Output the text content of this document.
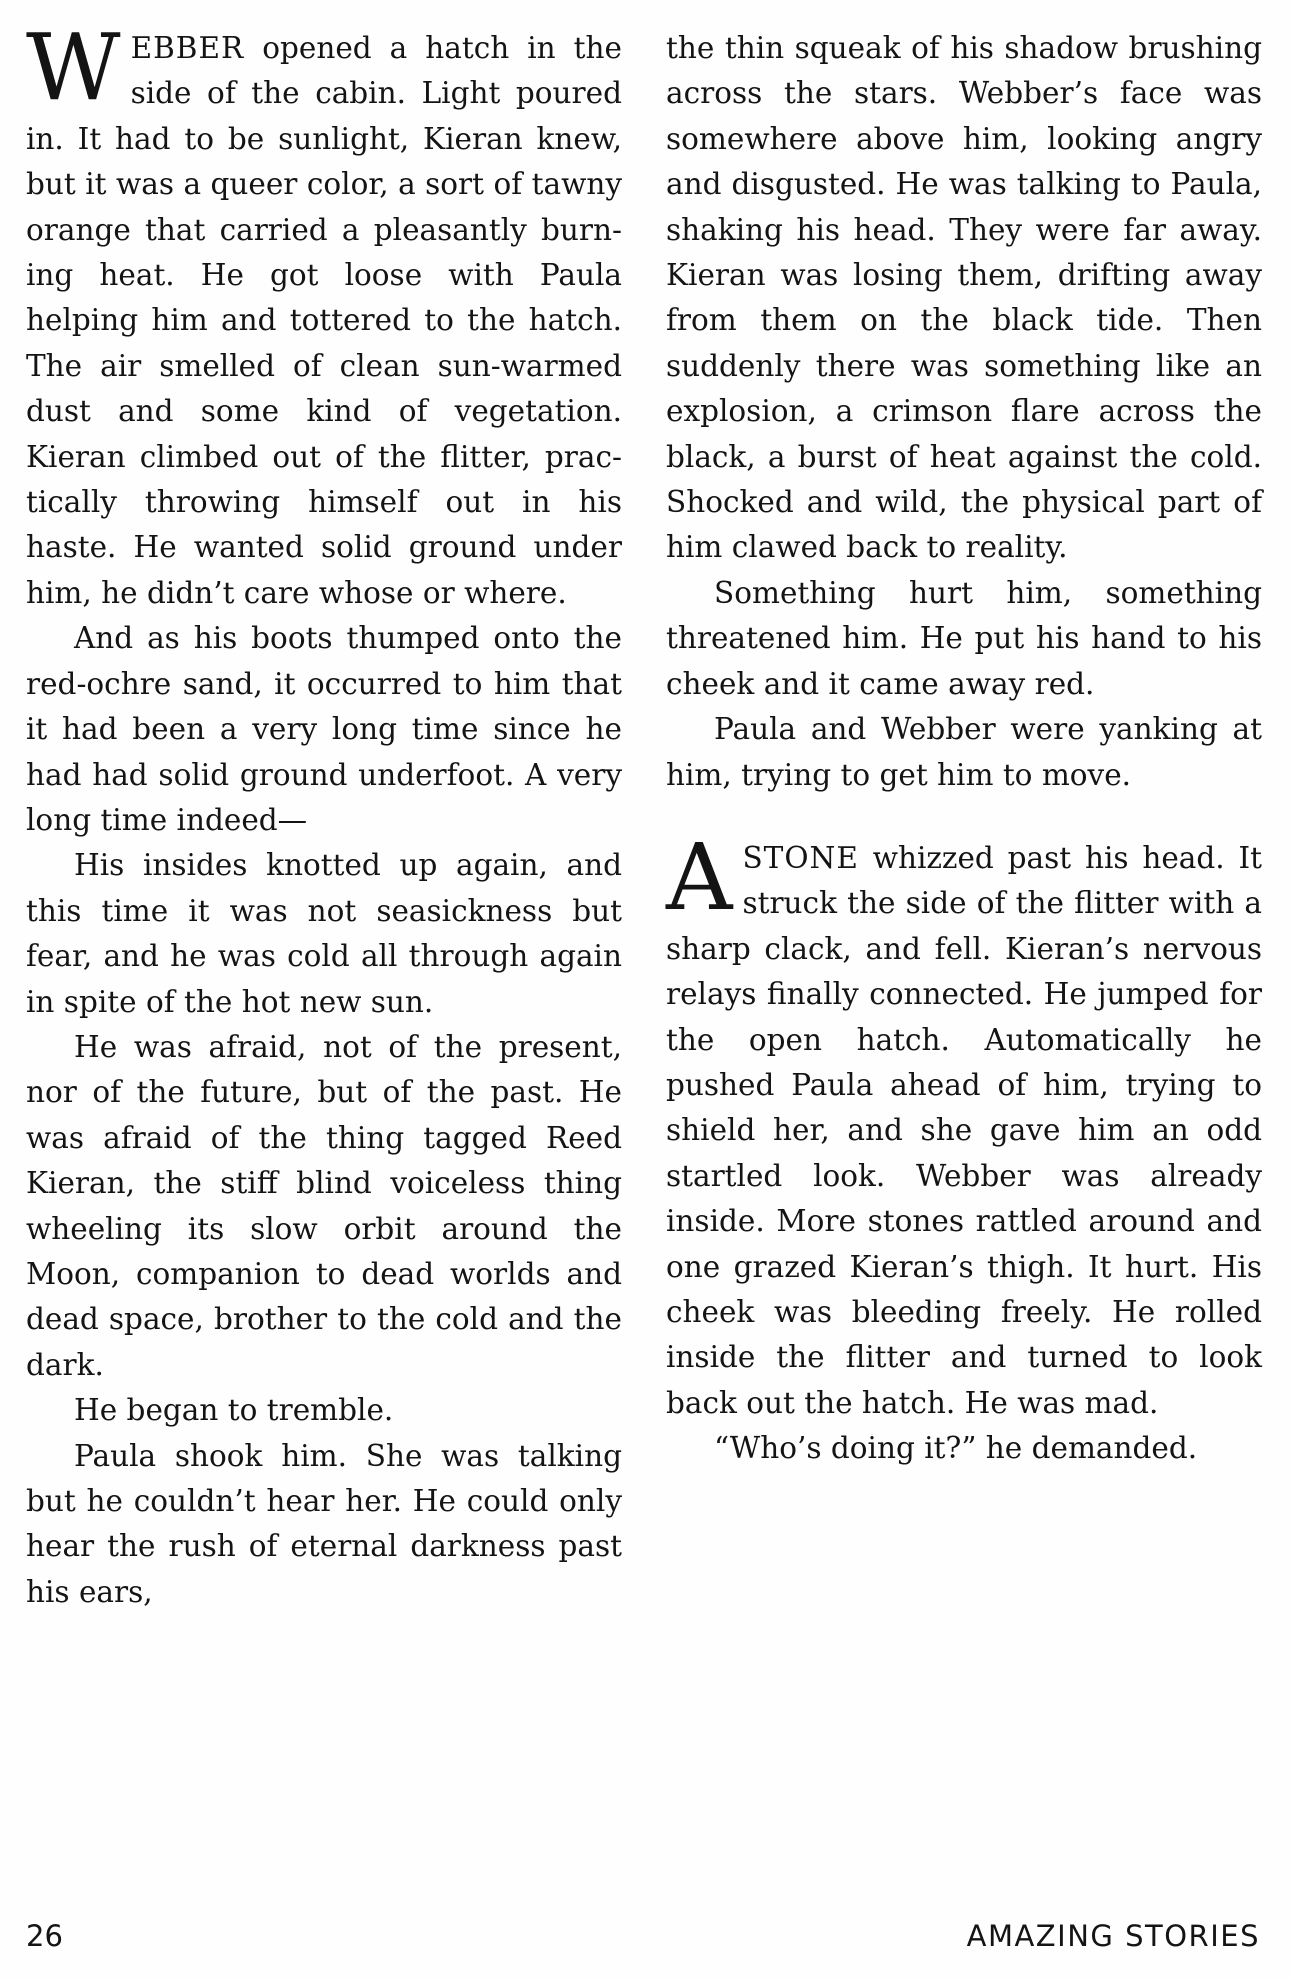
WEBBER opened a hatch in the side of the cabin. Light poured in. It had to be sunlight, Kieran knew, but it was a queer color, a sort of tawny orange that carried a pleasantly burning heat. He got loose with Paula helping him and tottered to the hatch. The air smelled of clean sun-warmed dust and some kind of vegetation. Kieran climbed out of the flitter, practically throwing himself out in his haste. He wanted solid ground under him, he didn’t care whose or where.

And as his boots thumped onto the red-ochre sand, it occurred to him that it had been a very long time since he had had solid ground underfoot. A very long time indeed—

His insides knotted up again, and this time it was not seasickness but fear, and he was cold all through again in spite of the hot new sun.

He was afraid, not of the present, nor of the future, but of the past. He was afraid of the thing tagged Reed Kieran, the stiff blind voiceless thing wheeling its slow orbit around the Moon, companion to dead worlds and dead space, brother to the cold and the dark.

He began to tremble.

Paula shook him. She was talking but he couldn’t hear her. He could only hear the rush of eternal darkness past his ears,

the thin squeak of his shadow brushing across the stars. Webber’s face was somewhere above him, looking angry and disgusted. He was talking to Paula, shaking his head. They were far away. Kieran was losing them, drifting away from them on the black tide. Then suddenly there was something like an explosion, a crimson flare across the black, a burst of heat against the cold. Shocked and wild, the physical part of him clawed back to reality.

Something hurt him, something threatened him. He put his hand to his cheek and it came away red.

Paula and Webber were yanking at him, trying to get him to move.

ASTONE whizzed past his head. It struck the side of the flitter with a sharp clack, and fell. Kieran’s nervous relays finally connected. He jumped for the open hatch. Automatically he pushed Paula ahead of him, trying to shield her, and she gave him an odd startled look. Webber was already inside. More stones rattled around and one grazed Kieran’s thigh. It hurt. His cheek was bleeding freely. He rolled inside the flitter and turned to look back out the hatch. He was mad.

“Who’s doing it?” he demanded.

26	AMAZING STORIES
